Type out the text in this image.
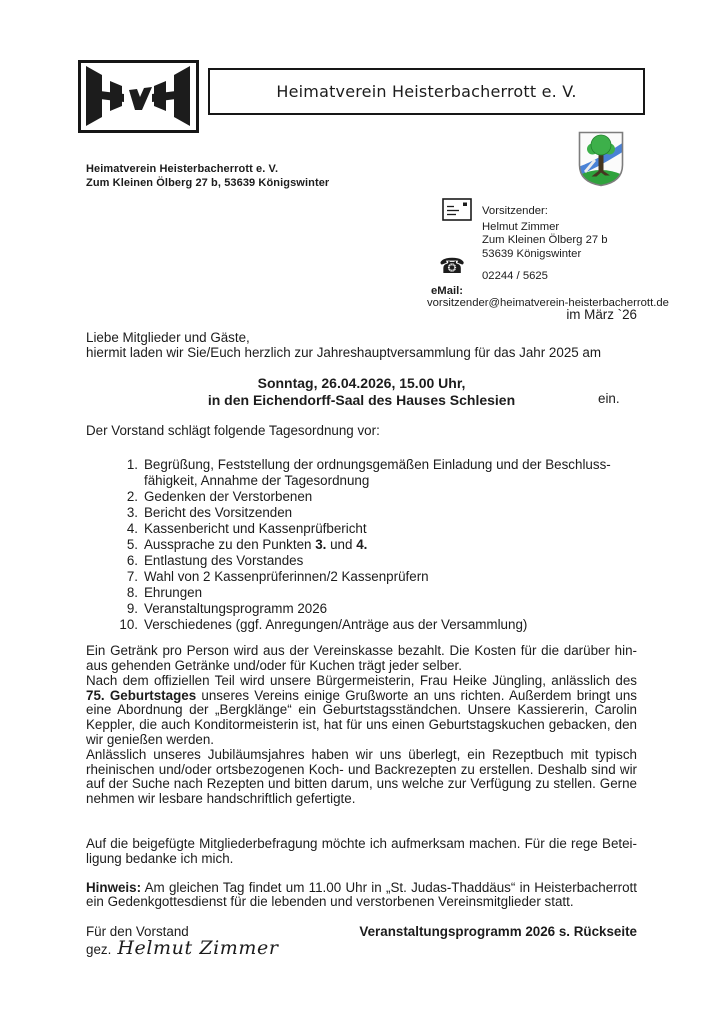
Heimatverein Heisterbacherrott e. V.
Heimatverein Heisterbacherrott e. V.
Zum Kleinen Ölberg 27 b, 53639 Königswinter
Vorsitzender:
Helmut Zimmer
Zum Kleinen Ölberg 27 b
53639 Königswinter
☎ 02244 / 5625
eMail:
vorsitzender@heimatverein-heisterbacherrott.de
im März `26
Liebe Mitglieder und Gäste,
hiermit laden wir Sie/Euch herzlich zur Jahreshauptversammlung für das Jahr 2025 am
Sonntag, 26.04.2026, 15.00 Uhr,
in den Eichendorff-Saal des Hauses Schlesien	ein.
Der Vorstand schlägt folgende Tagesordnung vor:
1. Begrüßung, Feststellung der ordnungsgemäßen Einladung und der Beschluss-
fähigkeit, Annahme der Tagesordnung
2. Gedenken der Verstorbenen
3. Bericht des Vorsitzenden
4. Kassenbericht und Kassenprüfbericht
5. Aussprache zu den Punkten 3. und 4.
6. Entlastung des Vorstandes
7. Wahl von 2 Kassenprüferinnen/2 Kassenprüfern
8. Ehrungen
9. Veranstaltungsprogramm 2026
10. Verschiedenes (ggf. Anregungen/Anträge aus der Versammlung)
Ein Getränk pro Person wird aus der Vereinskasse bezahlt. Die Kosten für die darüber hin-
aus gehenden Getränke und/oder für Kuchen trägt jeder selber.
Nach dem offiziellen Teil wird unsere Bürgermeisterin, Frau Heike Jüngling, anlässlich des
75. Geburtstages unseres Vereins einige Grußworte an uns richten. Außerdem bringt uns
eine Abordnung der „Bergklänge“ ein Geburtstagsständchen. Unsere Kassiererin, Carolin
Keppler, die auch Konditormeisterin ist, hat für uns einen Geburtstagskuchen gebacken, den
wir genießen werden.
Anlässlich unseres Jubiläumsjahres haben wir uns überlegt, ein Rezeptbuch mit typisch
rheinischen und/oder ortsbezogenen Koch- und Backrezepten zu erstellen. Deshalb sind wir
auf der Suche nach Rezepten und bitten darum, uns welche zur Verfügung zu stellen. Gerne
nehmen wir lesbare handschriftlich gefertigte.
Auf die beigefügte Mitgliederbefragung möchte ich aufmerksam machen. Für die rege Betei-
ligung bedanke ich mich.
Hinweis: Am gleichen Tag findet um 11.00 Uhr in „St. Judas-Thaddäus“ in Heisterbacherrott
ein Gedenkgottesdienst für die lebenden und verstorbenen Vereinsmitglieder statt.
Für den Vorstand	Veranstaltungsprogramm 2026 s. Rückseite
gez. Helmut Zimmer
